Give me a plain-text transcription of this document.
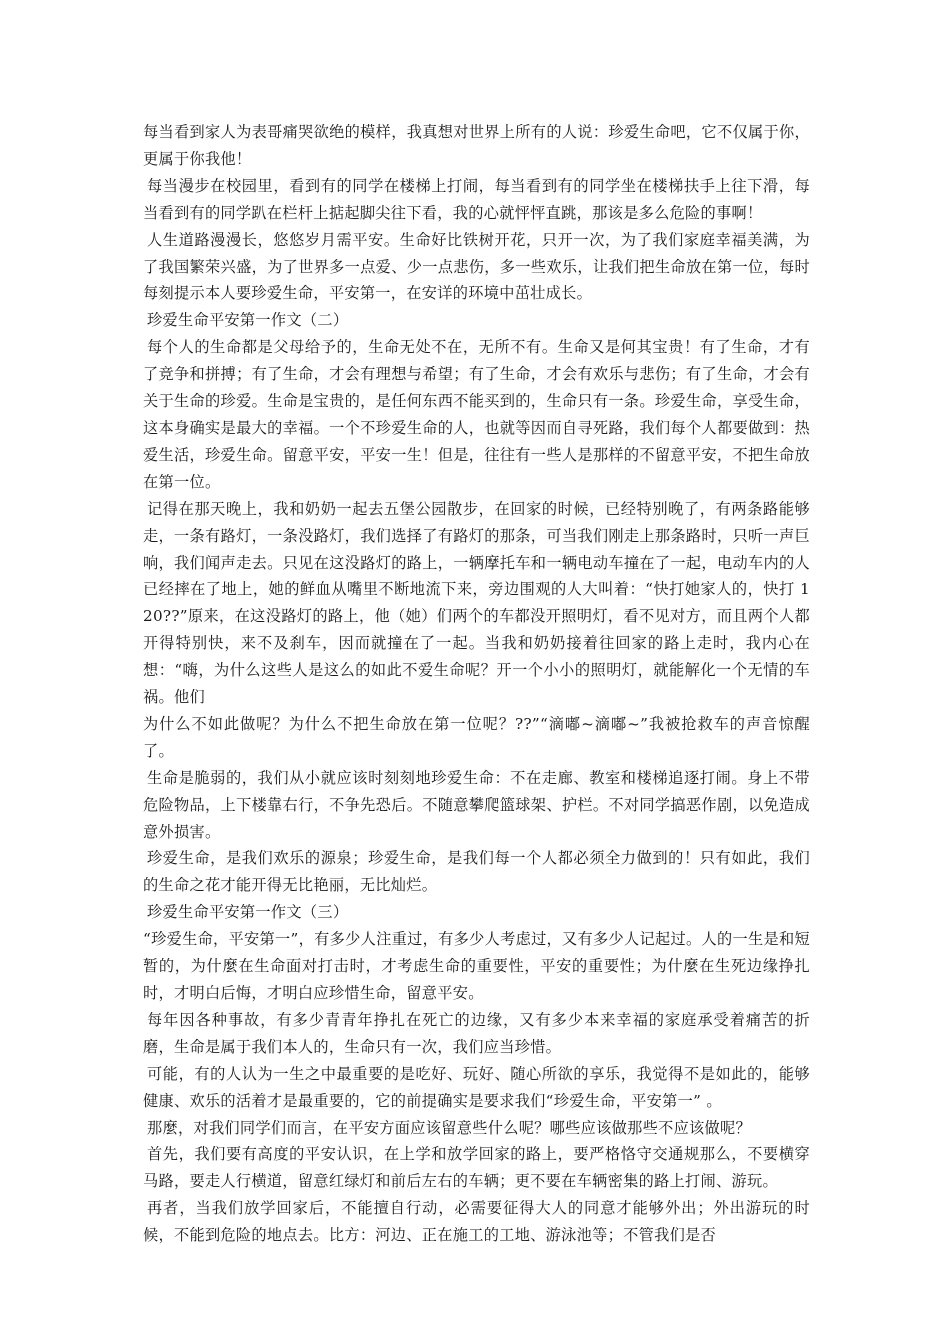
每当看到家人为表哥痛哭欲绝的模样，我真想对世界上所有的人说：珍爱生命吧，它不仅属于你，更属于你我他！

每当漫步在校园里，看到有的同学在楼梯上打闹，每当看到有的同学坐在楼梯扶手上往下滑，每当看到有的同学趴在栏杆上掂起脚尖往下看，我的心就怦怦直跳，那该是多么危险的事啊！

人生道路漫漫长，悠悠岁月需平安。生命好比铁树开花，只开一次，为了我们家庭幸福美满，为了我国繁荣兴盛，为了世界多一点爱、少一点悲伤，多一些欢乐，让我们把生命放在第一位，每时每刻提示本人要珍爱生命，平安第一，在安详的环境中茁壮成长。

珍爱生命平安第一作文（二）

每个人的生命都是父母给予的，生命无处不在，无所不有。生命又是何其宝贵！有了生命，才有了竞争和拼搏；有了生命，才会有理想与希望；有了生命，才会有欢乐与悲伤；有了生命，才会有关于生命的珍爱。生命是宝贵的，是任何东西不能买到的，生命只有一条。珍爱生命，享受生命，这本身确实是最大的幸福。一个不珍爱生命的人，也就等因而自寻死路，我们每个人都要做到：热爱生活，珍爱生命。留意平安，平安一生！但是，往往有一些人是那样的不留意平安，不把生命放在第一位。

记得在那天晚上，我和奶奶一起去五堡公园散步，在回家的时候，已经特别晚了，有两条路能够走，一条有路灯，一条没路灯，我们选择了有路灯的那条，可当我们刚走上那条路时，只听一声巨响，我们闻声走去。只见在这没路灯的路上，一辆摩托车和一辆电动车撞在了一起，电动车内的人已经摔在了地上，她的鲜血从嘴里不断地流下来，旁边围观的人大叫着：“快打她家人的，快打 120??”原来，在这没路灯的路上，他（她）们两个的车都没开照明灯，看不见对方，而且两个人都开得特别快，来不及刹车，因而就撞在了一起。当我和奶奶接着往回家的路上走时，我内心在想：“嗨，为什么这些人是这么的如此不爱生命呢？开一个小小的照明灯，就能解化一个无情的车祸。他们

为什么不如此做呢？为什么不把生命放在第一位呢？??”“滴嘟~滴嘟~”我被抢救车的声音惊醒了。

生命是脆弱的，我们从小就应该时刻刻地珍爱生命：不在走廊、教室和楼梯追逐打闹。身上不带危险物品，上下楼靠右行，不争先恐后。不随意攀爬篮球架、护栏。不对同学搞恶作剧，以免造成意外损害。

珍爱生命，是我们欢乐的源泉；珍爱生命，是我们每一个人都必须全力做到的！只有如此，我们的生命之花才能开得无比艳丽，无比灿烂。

珍爱生命平安第一作文（三）

“珍爱生命，平安第一”，有多少人注重过，有多少人考虑过，又有多少人记起过。人的一生是和短暂的，为什麼在生命面对打击时，才考虑生命的重要性，平安的重要性；为什麼在生死边缘挣扎时，才明白后悔，才明白应珍惜生命，留意平安。

每年因各种事故，有多少青青年挣扎在死亡的边缘，又有多少本来幸福的家庭承受着痛苦的折磨，生命是属于我们本人的，生命只有一次，我们应当珍惜。

可能，有的人认为一生之中最重要的是吃好、玩好、随心所欲的享乐，我觉得不是如此的，能够健康、欢乐的活着才是最重要的，它的前提确实是要求我们“珍爱生命，平安第一” 。

那麼，对我们同学们而言，在平安方面应该留意些什么呢？哪些应该做那些不应该做呢？

首先，我们要有高度的平安认识，在上学和放学回家的路上，要严格恪守交通规那么，不要横穿马路，要走人行横道，留意红绿灯和前后左右的车辆；更不要在车辆密集的路上打闹、游玩。

再者，当我们放学回家后，不能擅自行动，必需要征得大人的同意才能够外出；外出游玩的时候，不能到危险的地点去。比方：河边、正在施工的工地、游泳池等；不管我们是否
